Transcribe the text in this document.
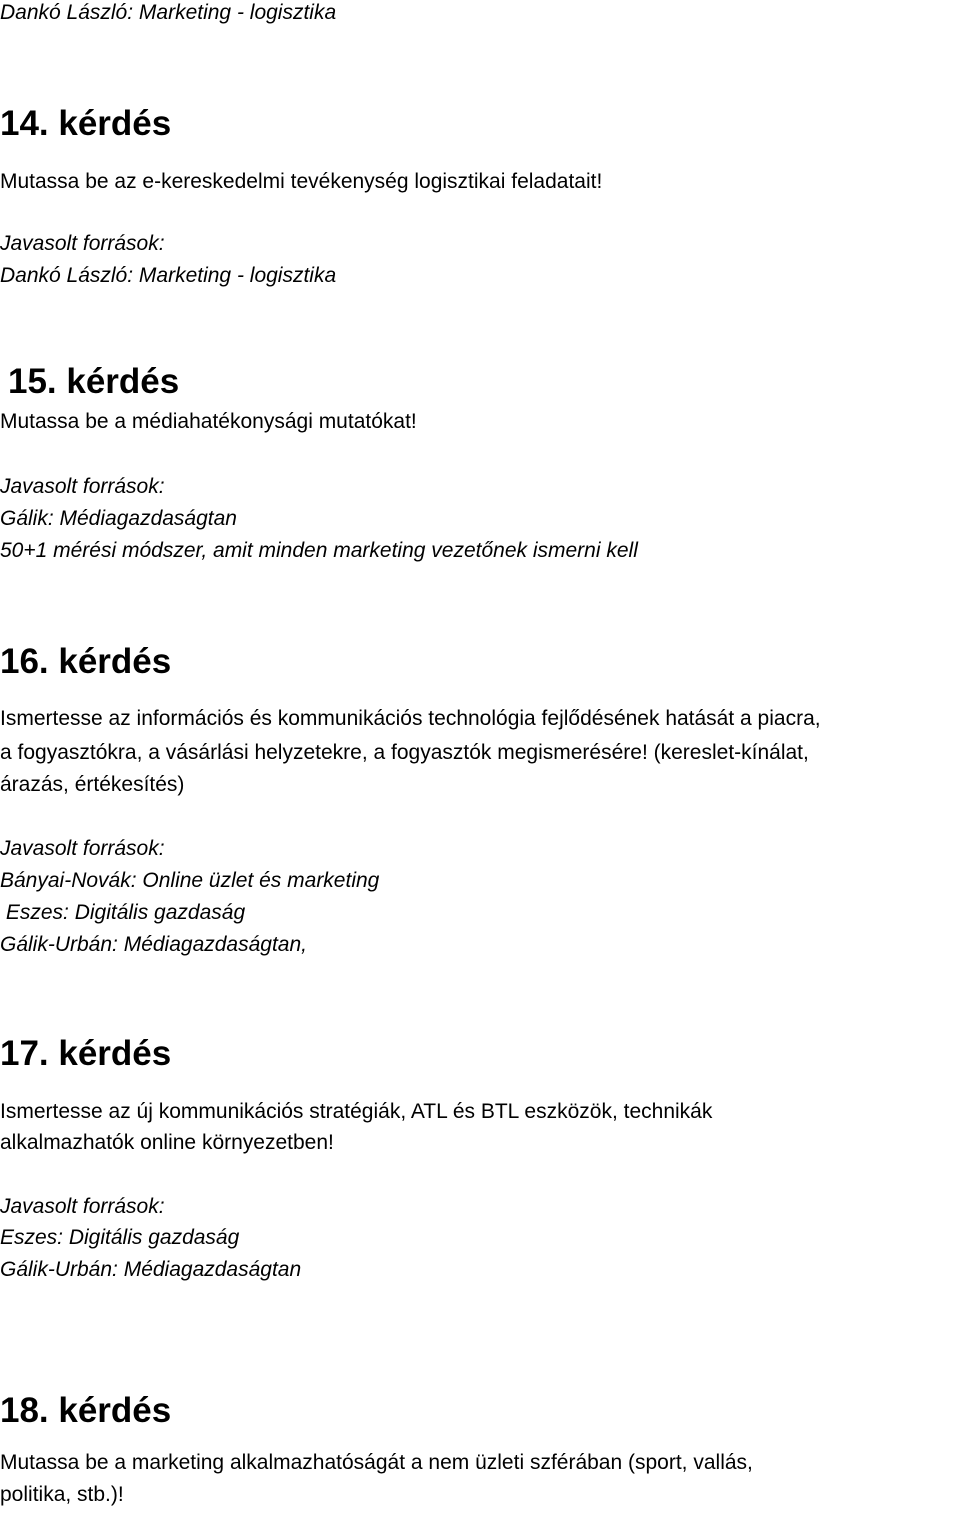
Dankó László: Marketing - logisztika
14. kérdés
Mutassa be az e-kereskedelmi tevékenység logisztikai feladatait!
Javasolt források:
Dankó László: Marketing - logisztika
15. kérdés
Mutassa be a médiahatékonysági mutatókat!
Javasolt források:
Gálik: Médiagazdaságtan
50+1 mérési módszer, amit minden marketing vezetőnek ismerni kell
16. kérdés
Ismertesse az információs és kommunikációs technológia fejlődésének hatását a piacra,
a fogyasztókra, a vásárlási helyzetekre, a fogyasztók megismerésére! (kereslet-kínálat,
árazás, értékesítés)
Javasolt források:
Bányai-Novák: Online üzlet és marketing
Eszes: Digitális gazdaság
Gálik-Urbán: Médiagazdaságtan,
17. kérdés
Ismertesse az új kommunikációs stratégiák, ATL és BTL eszközök, technikák
alkalmazhatók online környezetben!
Javasolt források:
Eszes: Digitális gazdaság
Gálik-Urbán: Médiagazdaságtan
18. kérdés
Mutassa be a marketing alkalmazhatóságát a nem üzleti szférában (sport, vallás,
politika, stb.)!
